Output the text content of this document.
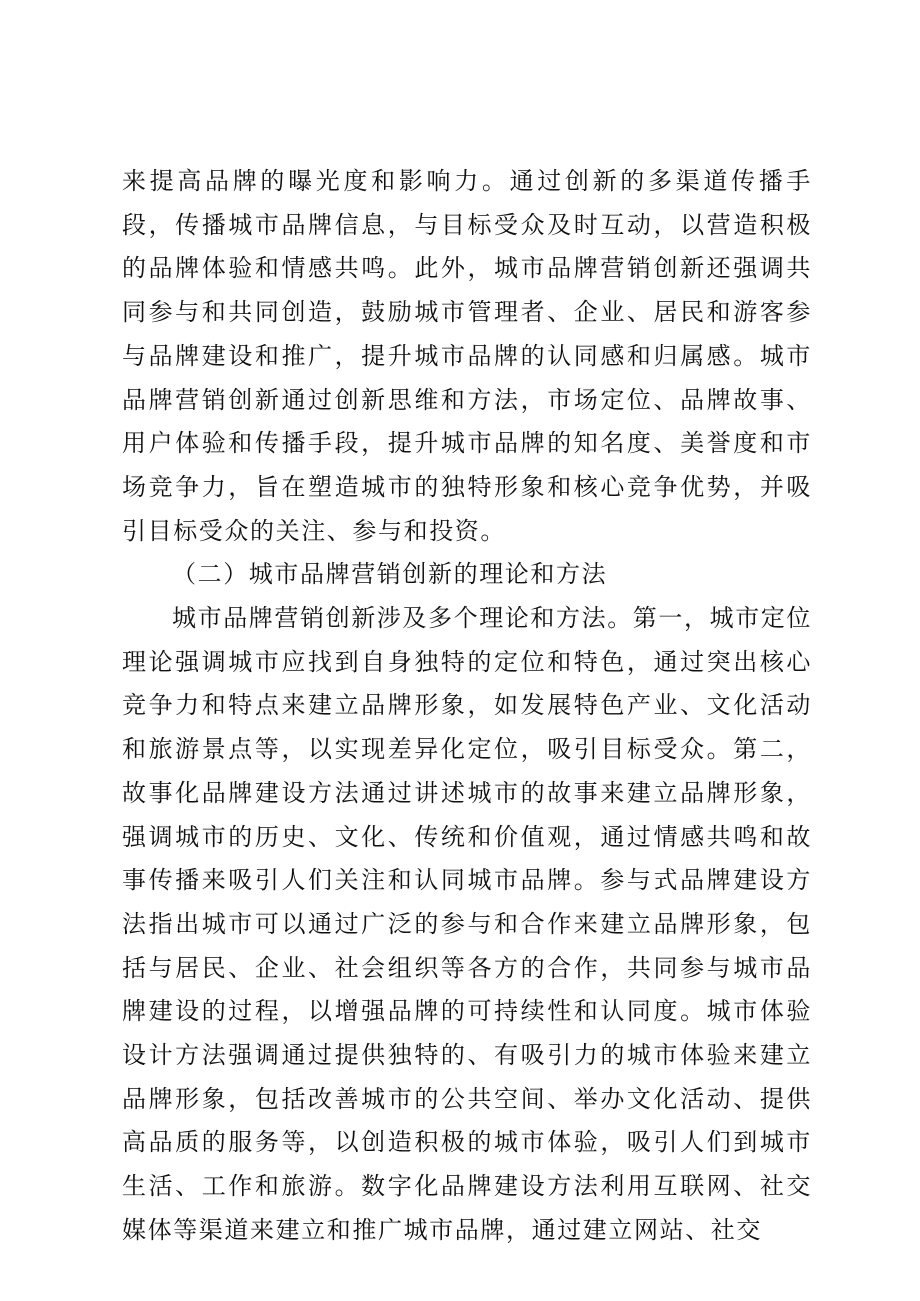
来提高品牌的曝光度和影响力。通过创新的多渠道传播手段，传播城市品牌信息，与目标受众及时互动，以营造积极的品牌体验和情感共鸣。此外，城市品牌营销创新还强调共同参与和共同创造，鼓励城市管理者、企业、居民和游客参与品牌建设和推广，提升城市品牌的认同感和归属感。城市品牌营销创新通过创新思维和方法，市场定位、品牌故事、用户体验和传播手段，提升城市品牌的知名度、美誉度和市场竞争力，旨在塑造城市的独特形象和核心竞争优势，并吸引目标受众的关注、参与和投资。

（二）城市品牌营销创新的理论和方法

城市品牌营销创新涉及多个理论和方法。第一，城市定位理论强调城市应找到自身独特的定位和特色，通过突出核心竞争力和特点来建立品牌形象，如发展特色产业、文化活动和旅游景点等，以实现差异化定位，吸引目标受众。第二，故事化品牌建设方法通过讲述城市的故事来建立品牌形象，强调城市的历史、文化、传统和价值观，通过情感共鸣和故事传播来吸引人们关注和认同城市品牌。参与式品牌建设方法指出城市可以通过广泛的参与和合作来建立品牌形象，包括与居民、企业、社会组织等各方的合作，共同参与城市品牌建设的过程，以增强品牌的可持续性和认同度。城市体验设计方法强调通过提供独特的、有吸引力的城市体验来建立品牌形象，包括改善城市的公共空间、举办文化活动、提供高品质的服务等，以创造积极的城市体验，吸引人们到城市生活、工作和旅游。数字化品牌建设方法利用互联网、社交媒体等渠道来建立和推广城市品牌，通过建立网站、社交
